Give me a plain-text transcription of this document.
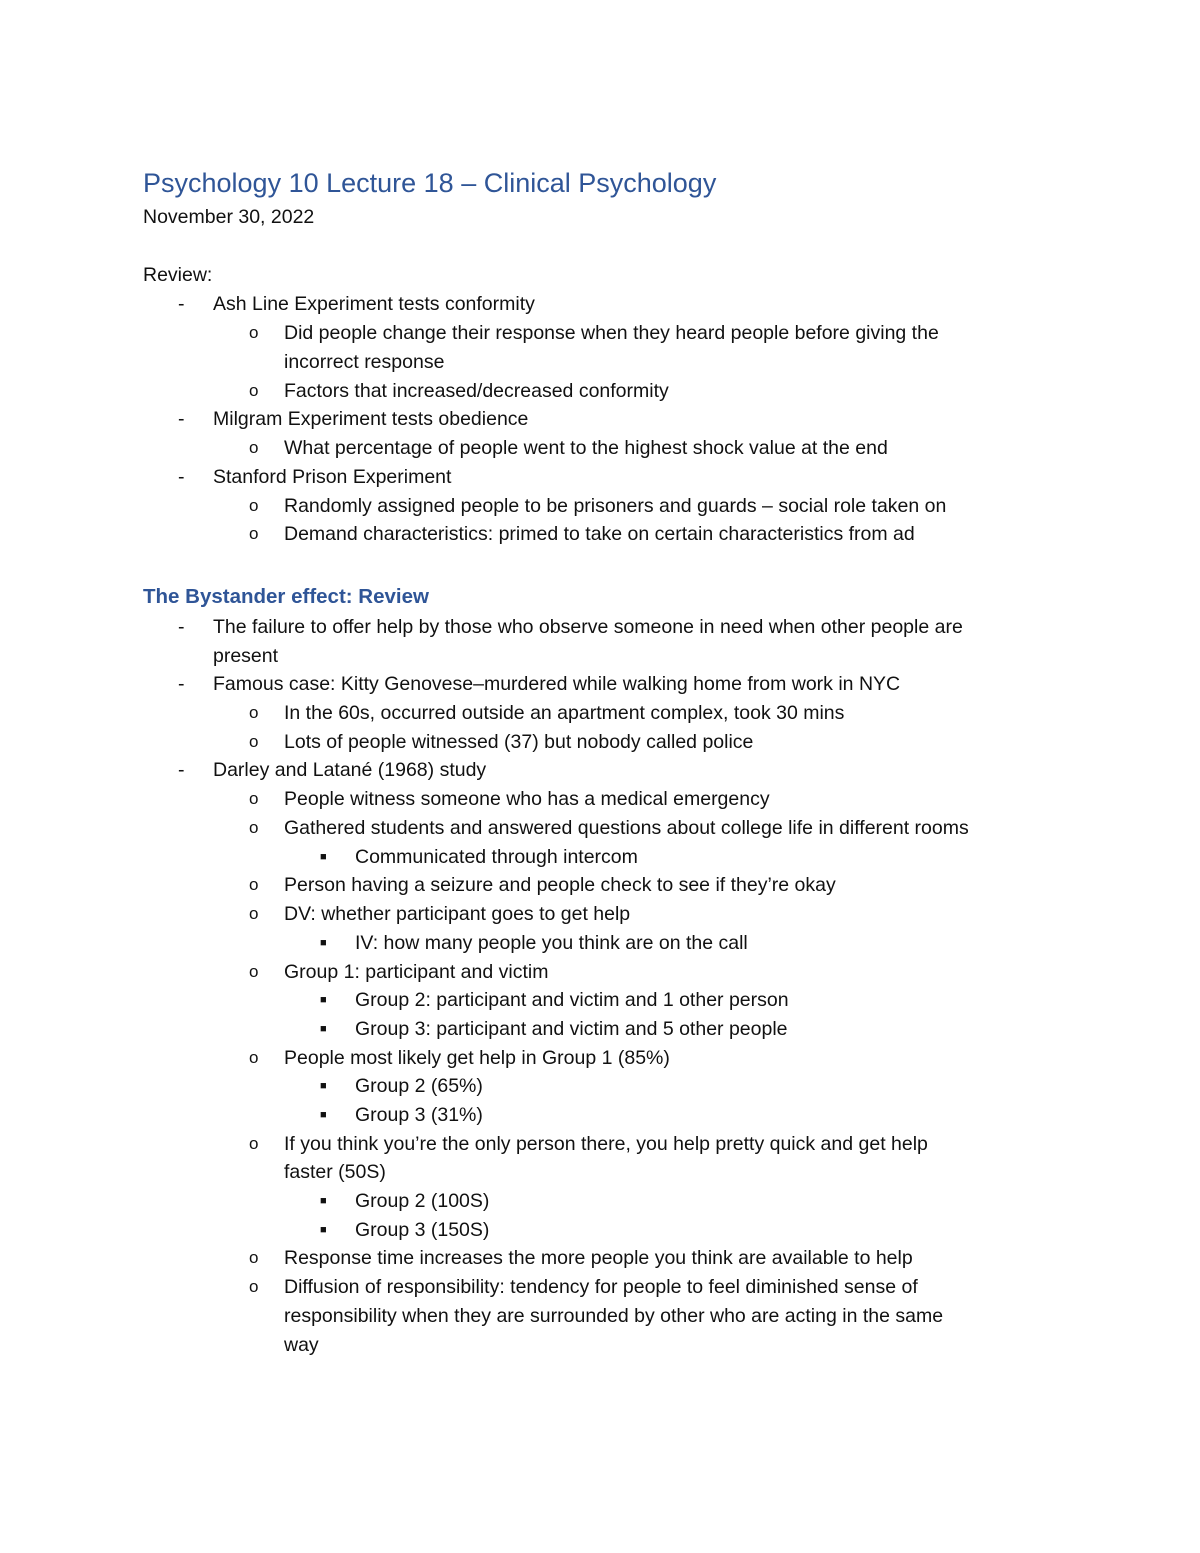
Psychology 10 Lecture 18 – Clinical Psychology

November 30, 2022

Review:

The Bystander effect: Review
- Ash Line Experiment tests conformity

o Did people change their response when they heard people before giving the

incorrect response

o Factors that increased/decreased conformity

- Milgram Experiment tests obedience

o What percentage of people went to the highest shock value at the end

- Stanford Prison Experiment

o Randomly assigned people to be prisoners and guards – social role taken on

o Demand characteristics: primed to take on certain characteristics from ad

- The failure to offer help by those who observe someone in need when other people are

present

- Famous case: Kitty Genovese–murdered while walking home from work in NYC

o In the 60s, occurred outside an apartment complex, took 30 mins

o Lots of people witnessed (37) but nobody called police

- Darley and Latané (1968) study

o People witness someone who has a medical emergency

o Gathered students and answered questions about college life in different rooms

■ Communicated through intercom

o Person having a seizure and people check to see if they’re okay

o DV: whether participant goes to get help

■ IV: how many people you think are on the call

o Group 1: participant and victim

■ Group 2: participant and victim and 1 other person

■ Group 3: participant and victim and 5 other people

o People most likely get help in Group 1 (85%)

■ Group 2 (65%)

■ Group 3 (31%)

o If you think you’re the only person there, you help pretty quick and get help

faster (50S)

■ Group 2 (100S)

■ Group 3 (150S)

o Response time increases the more people you think are available to help

o Diffusion of responsibility: tendency for people to feel diminished sense of

responsibility when they are surrounded by other who are acting in the same

way
